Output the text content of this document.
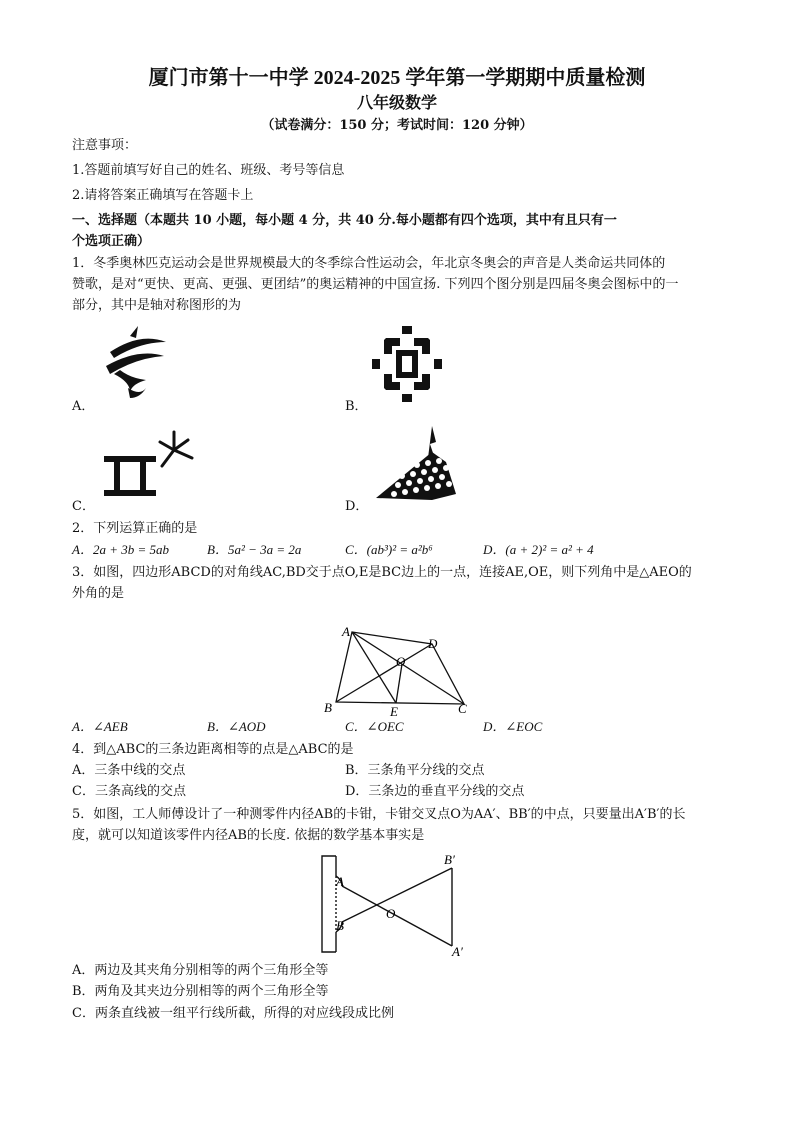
厦门市第十一中学 2024-2025 学年第一学期期中质量检测
八年级数学
（试卷满分：150 分；考试时间：120 分钟）
注意事项：
1.答题前填写好自己的姓名、班级、考号等信息
2.请将答案正确填写在答题卡上
一、选择题（本题共 10 小题，每小题 4 分，共 40 分.每小题都有四个选项，其中有且只有一
个选项正确）
1．冬季奥林匹克运动会是世界规模最大的冬季综合性运动会，年北京冬奥会的声音是人类命运共同体的
赞歌，是对“更快、更高、更强、更团结”的奥运精神的中国宣扬. 下列四个图分别是四届冬奥会图标中的一
部分，其中是轴对称图形的为
A．	B．
C．	D．
2．下列运算正确的是
A．2a + 3b = 5ab	B．5a² − 3a = 2a	C．(ab³)² = a²b⁶	D．(a + 2)² = a² + 4
3．如图，四边形ABCD的对角线AC,BD交于点O,E是BC边上的一点，连接AE,OE，则下列角中是△AEO的
外角的是
A
D
O
B	E	C
A．∠AEB	B．∠AOD	C．∠OEC	D．∠EOC
4．到△ABC的三条边距离相等的点是△ABC的是
A．三条中线的交点	B．三条角平分线的交点
C．三条高线的交点	D．三条边的垂直平分线的交点
5．如图，工人师傅设计了一种测零件内径AB的卡钳，卡钳交叉点O为AA′、BB′的中点，只要量出A′B′的长
度，就可以知道该零件内径AB的长度. 依据的数学基本事实是
A
B
O
B′
A′
A．两边及其夹角分别相等的两个三角形全等
B．两角及其夹边分别相等的两个三角形全等
C．两条直线被一组平行线所截，所得的对应线段成比例
